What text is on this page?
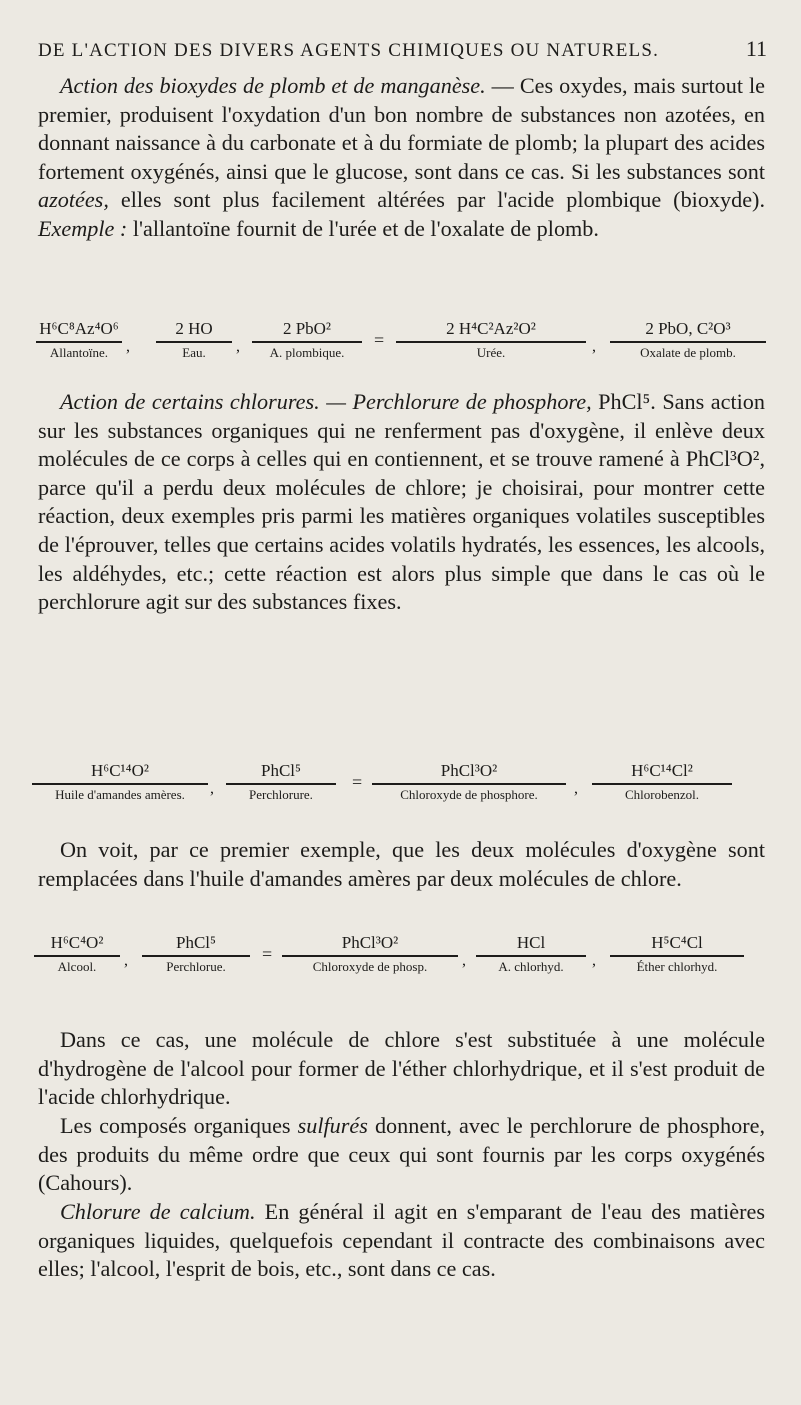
DE L'ACTION DES DIVERS AGENTS CHIMIQUES OU NATURELS.	11

Action des bioxydes de plomb et de manganèse. — Ces oxydes, mais surtout le premier, produisent l'oxydation d'un bon nombre de substances non azotées, en donnant naissance à du carbonate et à du formiate de plomb; la plupart des acides fortement oxygénés, ainsi que le glucose, sont dans ce cas. Si les substances sont azotées, elles sont plus facilement altérées par l'acide plombique (bioxyde). Exemple : l'allantoïne fournit de l'urée et de l'oxalate de plomb.

H⁶C⁸Az⁴O⁶
Allantoïne.	,
2 HO
Eau.	,
2 PbO²
A. plombique.
=
2 H⁴C²Az²O²
Urée.	,
2 PbO, C²O³
Oxalate de plomb.

Action de certains chlorures. — Perchlorure de phosphore, PhCl⁵. Sans action sur les substances organiques qui ne renferment pas d'oxygène, il enlève deux molécules de ce corps à celles qui en contiennent, et se trouve ramené à PhCl³O², parce qu'il a perdu deux molécules de chlore; je choisirai, pour montrer cette réaction, deux exemples pris parmi les matières organiques volatiles susceptibles de l'éprouver, telles que certains acides volatils hydratés, les essences, les alcools, les aldéhydes, etc.; cette réaction est alors plus simple que dans le cas où le perchlorure agit sur des substances fixes.

H⁶C¹⁴O²
Huile d'amandes amères.	,
PhCl⁵
Perchlorure.
=
PhCl³O²
Chloroxyde de phosphore.	,
H⁶C¹⁴Cl²
Chlorobenzol.

On voit, par ce premier exemple, que les deux molécules d'oxygène sont remplacées dans l'huile d'amandes amères par deux molécules de chlore.

H⁶C⁴O²
Alcool.	,
PhCl⁵
Perchlorue.
=
PhCl³O²
Chloroxyde de phosp.	,
HCl
A. chlorhyd.	,
H⁵C⁴Cl
Éther chlorhyd.

Dans ce cas, une molécule de chlore s'est substituée à une molécule d'hydrogène de l'alcool pour former de l'éther chlorhydrique, et il s'est produit de l'acide chlorhydrique.

Les composés organiques sulfurés donnent, avec le perchlorure de phosphore, des produits du même ordre que ceux qui sont fournis par les corps oxygénés (Cahours).

Chlorure de calcium. En général il agit en s'emparant de l'eau des matières organiques liquides, quelquefois cependant il contracte des combinaisons avec elles; l'alcool, l'esprit de bois, etc., sont dans ce cas.
